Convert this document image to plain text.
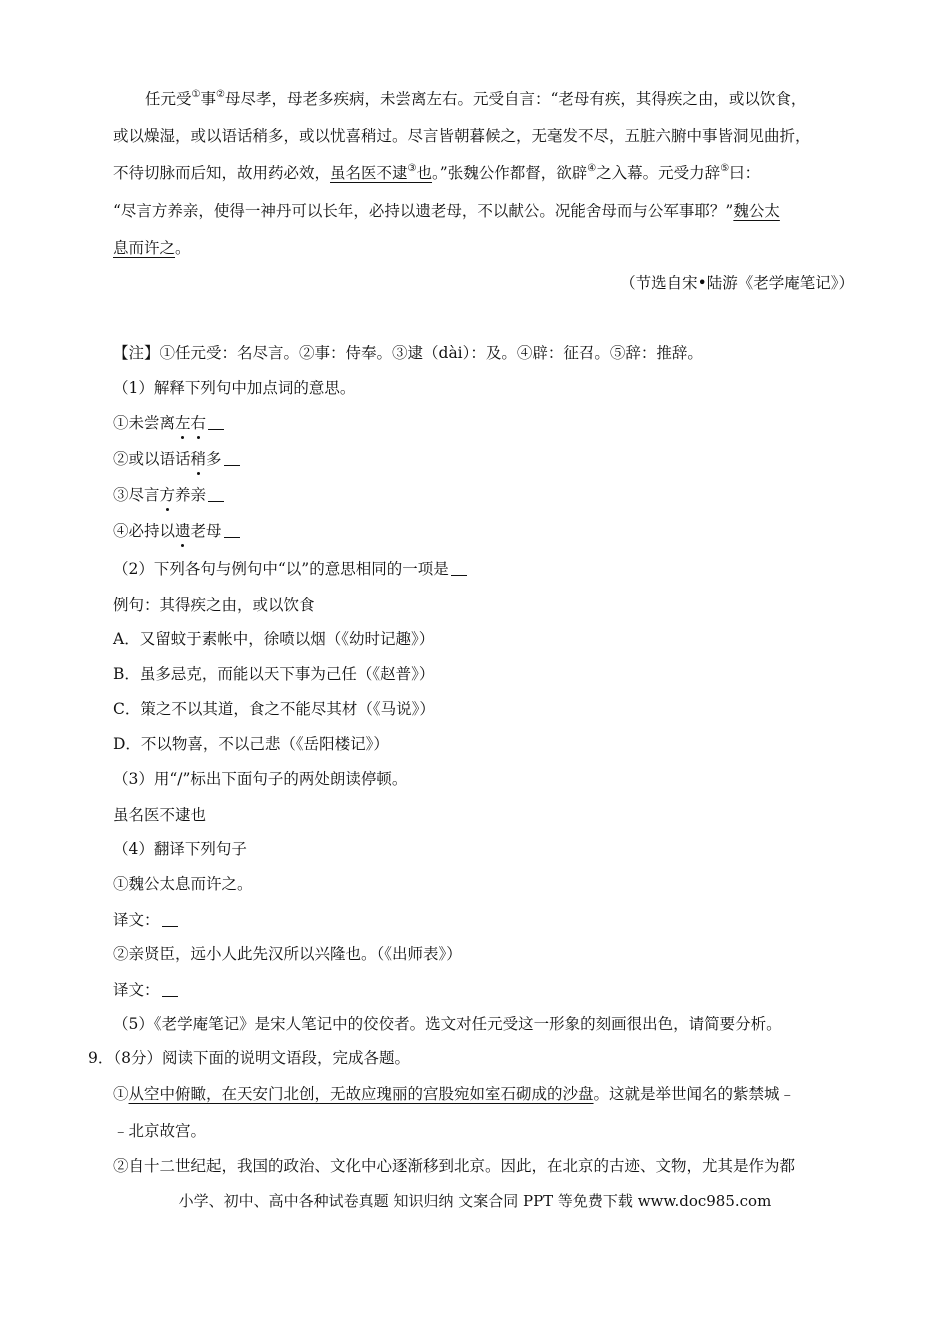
任元受①事②母尽孝，母老多疾病，未尝离左右。元受自言：“老母有疾，其得疾之由，或以饮食，
或以燥湿，或以语话稍多，或以忧喜稍过。尽言皆朝暮候之，无毫发不尽，五脏六腑中事皆洞见曲折，
不待切脉而后知，故用药必效，虽名医不逮③也。”张魏公作都督，欲辟④之入幕。元受力辞⑤曰：
“尽言方养亲，使得一神丹可以长年，必持以遗老母，不以献公。况能舍母而与公军事耶？”魏公太
息而许之。
（节选自宋•陆游《老学庵笔记》）
【注】①任元受：名尽言。②事：侍奉。③逮（dài）：及。④辟：征召。⑤辞：推辞。
（1）解释下列句中加点词的意思。
①未尝离左右
②或以语话稍多
③尽言方养亲
④必持以遗老母
（2）下列各句与例句中“以”的意思相同的一项是
例句：其得疾之由，或以饮食
A．又留蚊于素帐中，徐喷以烟（《幼时记趣》）
B．虽多忌克，而能以天下事为己任（《赵普》）
C．策之不以其道，食之不能尽其材（《马说》）
D．不以物喜，不以己悲（《岳阳楼记》）
（3）用“/”标出下面句子的两处朗读停顿。
虽名医不逮也
（4）翻译下列句子
①魏公太息而许之。
译文：
②亲贤臣，远小人此先汉所以兴隆也。（《出师表》）
译文：
（5）《老学庵笔记》是宋人笔记中的佼佼者。选文对任元受这一形象的刻画很出色，请简要分析。
9．（8分）阅读下面的说明文语段，完成各题。
①从空中俯瞰，在天安门北创，无故应瑰丽的宫股宛如室石砌成的沙盘。这就是举世闻名的紫禁城﹣
﹣北京故宫。
②自十二世纪起，我国的政治、文化中心逐渐移到北京。因此，在北京的古迹、文物，尤其是作为都
小学、初中、高中各种试卷真题 知识归纳 文案合同 PPT 等免费下载 www.doc985.com
